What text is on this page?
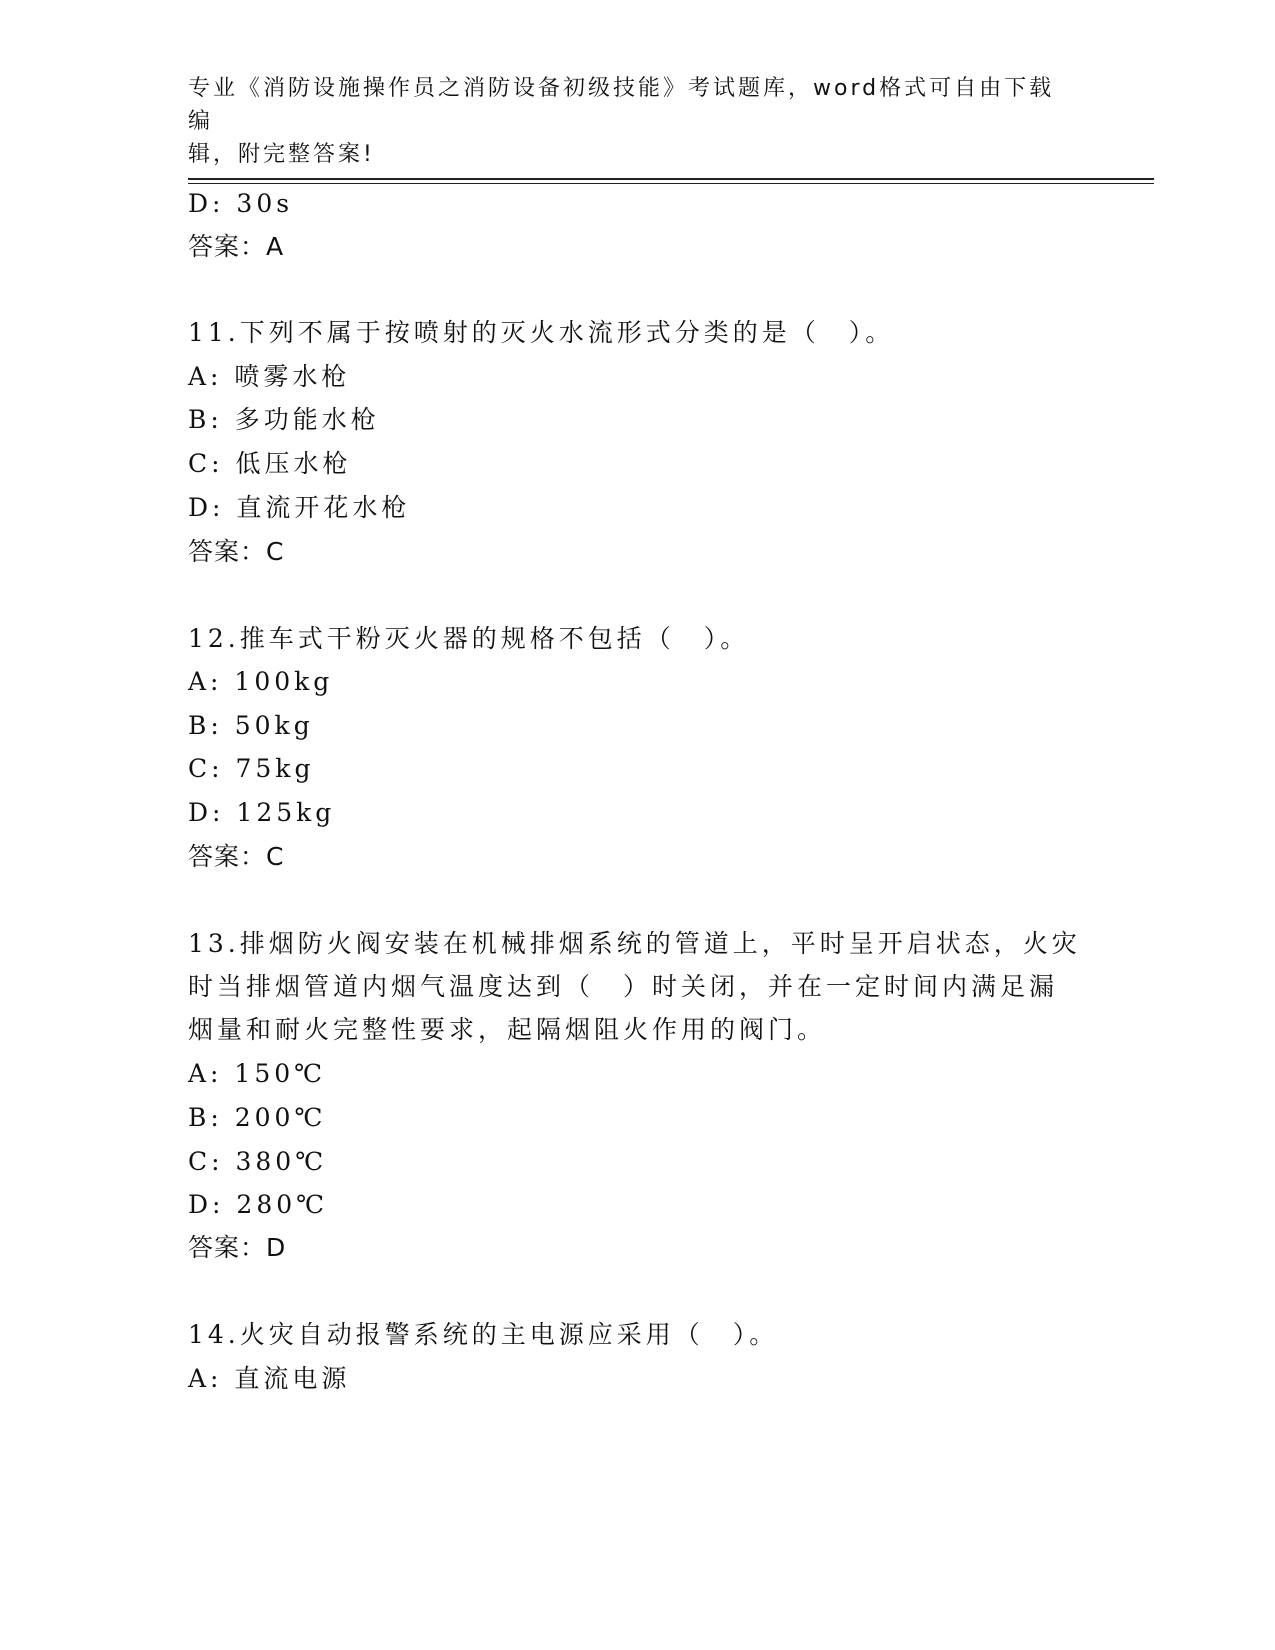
专业《消防设施操作员之消防设备初级技能》考试题库，word格式可自由下载编
辑，附完整答案!
D: 30s
答案：A
11.下列不属于按喷射的灭火水流形式分类的是（　）。
A: 喷雾水枪
B: 多功能水枪
C: 低压水枪
D: 直流开花水枪
答案：C
12.推车式干粉灭火器的规格不包括（　）。
A: 100kg
B: 50kg
C: 75kg
D: 125kg
答案：C
13.排烟防火阀安装在机械排烟系统的管道上，平时呈开启状态，火灾
时当排烟管道内烟气温度达到（　）时关闭，并在一定时间内满足漏
烟量和耐火完整性要求，起隔烟阻火作用的阀门。
A: 150℃
B: 200℃
C: 380℃
D: 280℃
答案：D
14.火灾自动报警系统的主电源应采用（　）。
A: 直流电源
